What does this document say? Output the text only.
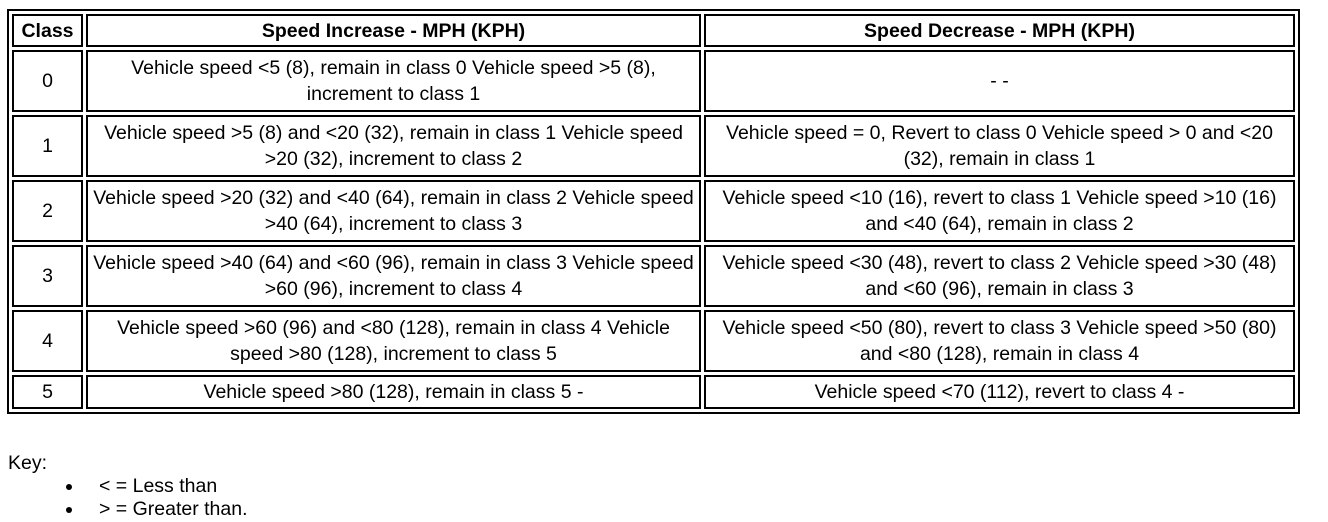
Class	Speed Increase - MPH (KPH)	Speed Decrease - MPH (KPH)
0	Vehicle speed <5 (8), remain in class 0 Vehicle speed >5 (8), increment to class 1	- -
1	Vehicle speed >5 (8) and <20 (32), remain in class 1 Vehicle speed >20 (32), increment to class 2	Vehicle speed = 0, Revert to class 0 Vehicle speed > 0 and <20 (32), remain in class 1
2	Vehicle speed >20 (32) and <40 (64), remain in class 2 Vehicle speed >40 (64), increment to class 3	Vehicle speed <10 (16), revert to class 1 Vehicle speed >10 (16) and <40 (64), remain in class 2
3	Vehicle speed >40 (64) and <60 (96), remain in class 3 Vehicle speed >60 (96), increment to class 4	Vehicle speed <30 (48), revert to class 2 Vehicle speed >30 (48) and <60 (96), remain in class 3
4	Vehicle speed >60 (96) and <80 (128), remain in class 4 Vehicle speed >80 (128), increment to class 5	Vehicle speed <50 (80), revert to class 3 Vehicle speed >50 (80) and <80 (128), remain in class 4
5	Vehicle speed >80 (128), remain in class 5 -	Vehicle speed <70 (112), revert to class 4 -
Key:
< = Less than
> = Greater than.
